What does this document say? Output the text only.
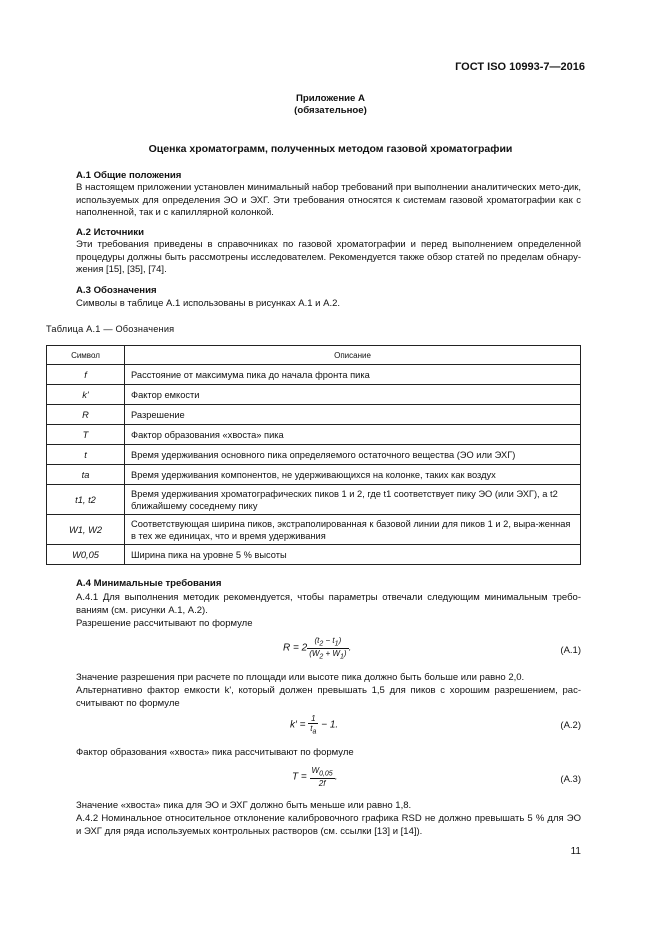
ГОСТ ISO 10993-7—2016
Приложение А
(обязательное)
Оценка хроматограмм, полученных методом газовой хроматографии
А.1 Общие положения
В настоящем приложении установлен минимальный набор требований при выполнении аналитических мето-дик, используемых для определения ЭО и ЭХГ. Эти требования относятся к системам газовой хроматографии как с наполненной, так и с капиллярной колонкой.
А.2 Источники
Эти требования приведены в справочниках по газовой хроматографии и перед выполнением определенной процедуры должны быть рассмотрены исследователем. Рекомендуется также обзор статей по пределам обнару-жения [15], [35], [74].
А.3 Обозначения
Символы в таблице А.1 использованы в рисунках А.1 и А.2.
Таблица А.1 — Обозначения
Символ	Описание
f	Расстояние от максимума пика до начала фронта пика
k'	Фактор емкости
R	Разрешение
T	Фактор образования «хвоста» пика
t	Время удерживания основного пика определяемого остаточного вещества (ЭО или ЭХГ)
ta	Время удерживания компонентов, не удерживающихся на колонке, таких как воздух
t1, t2	Время удерживания хроматографических пиков 1 и 2, где t1 соответствует пику ЭО (или ЭХГ), а t2 ближайшему соседнему пику
W1, W2	Соответствующая ширина пиков, экстраполированная к базовой линии для пиков 1 и 2, выра-женная в тех же единицах, что и время удерживания
W0,05	Ширина пика на уровне 5 % высоты
А.4 Минимальные требования
А.4.1 Для выполнения методик рекомендуется, чтобы параметры отвечали следующим минимальным требо-ваниям (см. рисунки А.1, А.2).
Разрешение рассчитывают по формуле
$R = 2 \frac{(t_2 - t_1)}{(W_2 + W_1)}$ .	(А.1)
Значение разрешения при расчете по площади или высоте пика должно быть больше или равно 2,0.
Альтернативно фактор емкости k', который должен превышать 1,5 для пиков с хорошим разрешением, рас-считывают по формуле
$k' = \frac{1}{t_a} - 1$.	(А.2)
Фактор образования «хвоста» пика рассчитывают по формуле
$T = \frac{W_{0,05}}{2f}$ .	(А.3)
Значение «хвоста» пика для ЭО и ЭХГ должно быть меньше или равно 1,8.
А.4.2 Номинальное относительное отклонение калибровочного графика RSD не должно превышать 5 % для ЭО и ЭХГ для ряда используемых контрольных растворов (см. ссылки [13] и [14]).
11
